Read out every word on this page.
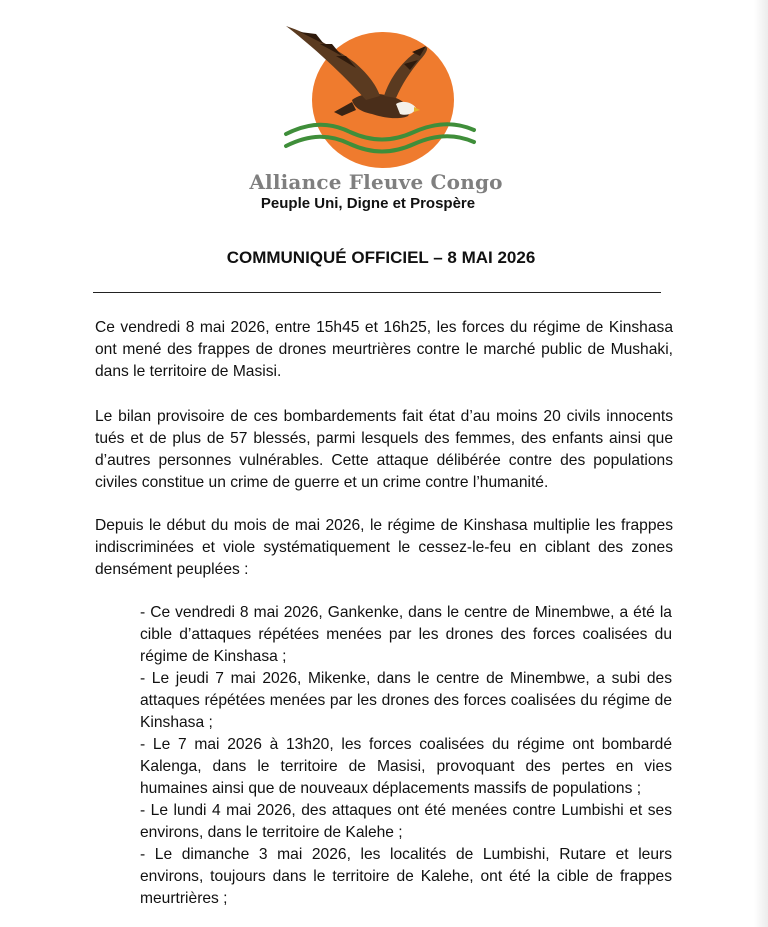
Alliance Fleuve Congo
Peuple Uni, Digne et Prospère
COMMUNIQUÉ OFFICIEL – 8 MAI 2026

Ce vendredi 8 mai 2026, entre 15h45 et 16h25, les forces du régime de Kinshasa ont mené des frappes de drones meurtrières contre le marché public de Mushaki, dans le territoire de Masisi.

Le bilan provisoire de ces bombardements fait état d’au moins 20 civils innocents tués et de plus de 57 blessés, parmi lesquels des femmes, des enfants ainsi que d’autres personnes vulnérables. Cette attaque délibérée contre des populations civiles constitue un crime de guerre et un crime contre l’humanité.

Depuis le début du mois de mai 2026, le régime de Kinshasa multiplie les frappes indiscriminées et viole systématiquement le cessez-le-feu en ciblant des zones densément peuplées :

- Ce vendredi 8 mai 2026, Gankenke, dans le centre de Minembwe, a été la cible d’attaques répétées menées par les drones des forces coalisées du régime de Kinshasa ;

- Le jeudi 7 mai 2026, Mikenke, dans le centre de Minembwe, a subi des attaques répétées menées par les drones des forces coalisées du régime de Kinshasa ;

- Le 7 mai 2026 à 13h20, les forces coalisées du régime ont bombardé Kalenga, dans le territoire de Masisi, provoquant des pertes en vies humaines ainsi que de nouveaux déplacements massifs de populations ;

- Le lundi 4 mai 2026, des attaques ont été menées contre Lumbishi et ses environs, dans le territoire de Kalehe ;

- Le dimanche 3 mai 2026, les localités de Lumbishi, Rutare et leurs environs, toujours dans le territoire de Kalehe, ont été la cible de frappes meurtrières ;
